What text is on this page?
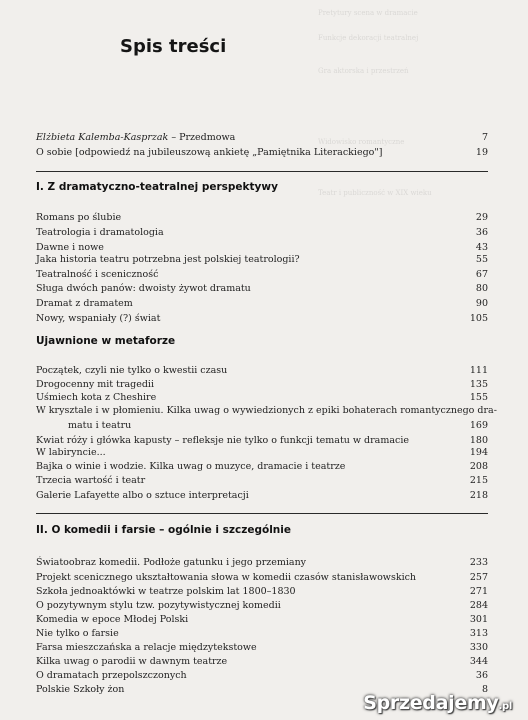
Pretytury scena w dramacie
Funkcje dekoracji teatralnej
Gra aktorska i przestrzeń
Widowisko romantyczne
Teatr i publiczność w XIX wieku
Spis treści
Elżbieta Kalemba-Kasprzak – Przedmowa	7
O sobie [odpowiedź na jubileuszową ankietę „Pamiętnika Literackiego"]	19
I. Z dramatyczno-teatralnej perspektywy
Romans po ślubie	29
Teatrologia i dramatologia	36
Dawne i nowe	43
Jaka historia teatru potrzebna jest polskiej teatrologii?	55
Teatralność i sceniczność	67
Sługa dwóch panów: dwoisty żywot dramatu	80
Dramat z dramatem	90
Nowy, wspaniały (?) świat	105
Ujawnione w metaforze
Początek, czyli nie tylko o kwestii czasu	111
Drogocenny mit tragedii	135
Uśmiech kota z Cheshire	155
W krysztale i w płomieniu. Kilka uwag o wywiedzionych z epiki bohaterach romantycznego dra-
matu i teatru	169
Kwiat róży i główka kapusty – refleksje nie tylko o funkcji tematu w dramacie	180
W labiryncie...	194
Bajka o winie i wodzie. Kilka uwag o muzyce, dramacie i teatrze	208
Trzecia wartość i teatr	215
Galerie Lafayette albo o sztuce interpretacji	218
II. O komedii i farsie – ogólnie i szczególnie
Światoobraz komedii. Podłoże gatunku i jego przemiany	233
Projekt scenicznego ukształtowania słowa w komedii czasów stanisławowskich	257
Szkoła jednoaktówki w teatrze polskim lat 1800–1830	271
O pozytywnym stylu tzw. pozytywistycznej komedii	284
Komedia w epoce Młodej Polski	301
Nie tylko o farsie	313
Farsa mieszczańska a relacje międzytekstowe	330
Kilka uwag o parodii w dawnym teatrze	344
O dramatach przepolszczonych	36
Polskie Szkoły żon	8
Sprzedajemy.pl
